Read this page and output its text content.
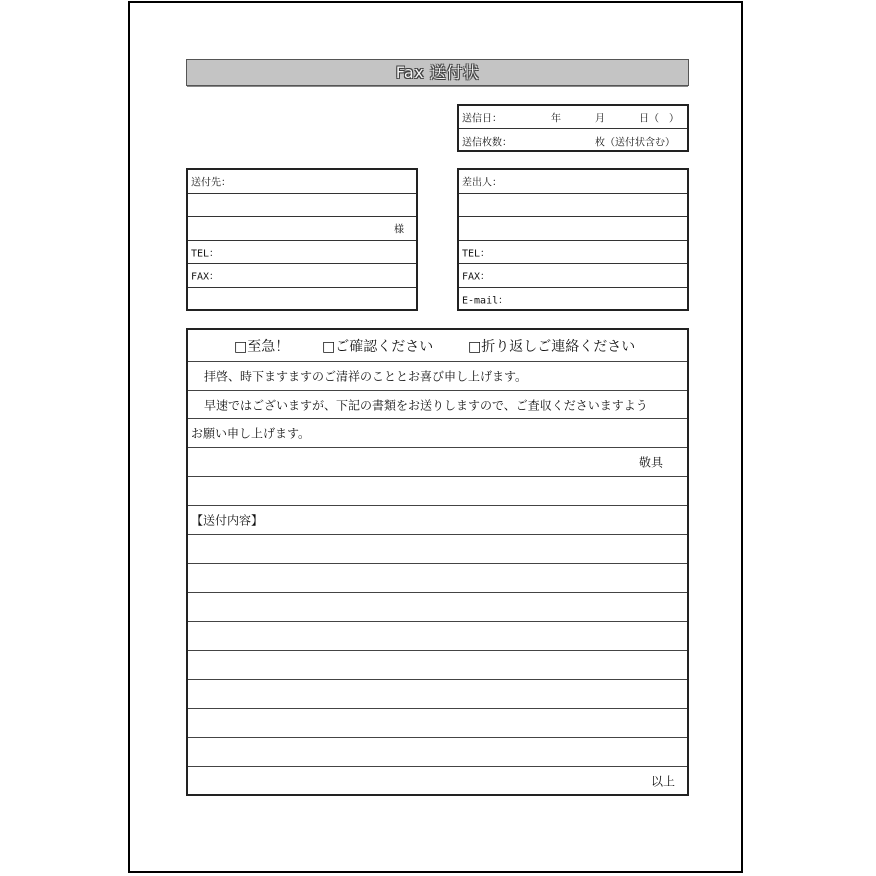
Fax 送付状
送信日：	年	月	日（　）
送信枚数：	枚（送付状含む）
送付先：
様
TEL：
FAX：
差出人：
TEL：
FAX：
E-mail：
□至急！ □ご確認ください □折り返しご連絡ください
拝啓、時下ますますのご清祥のこととお喜び申し上げます。
早速ではございますが、下記の書類をお送りしますので、ご査収くださいますよう
お願い申し上げます。
敬具
【送付内容】
以上
